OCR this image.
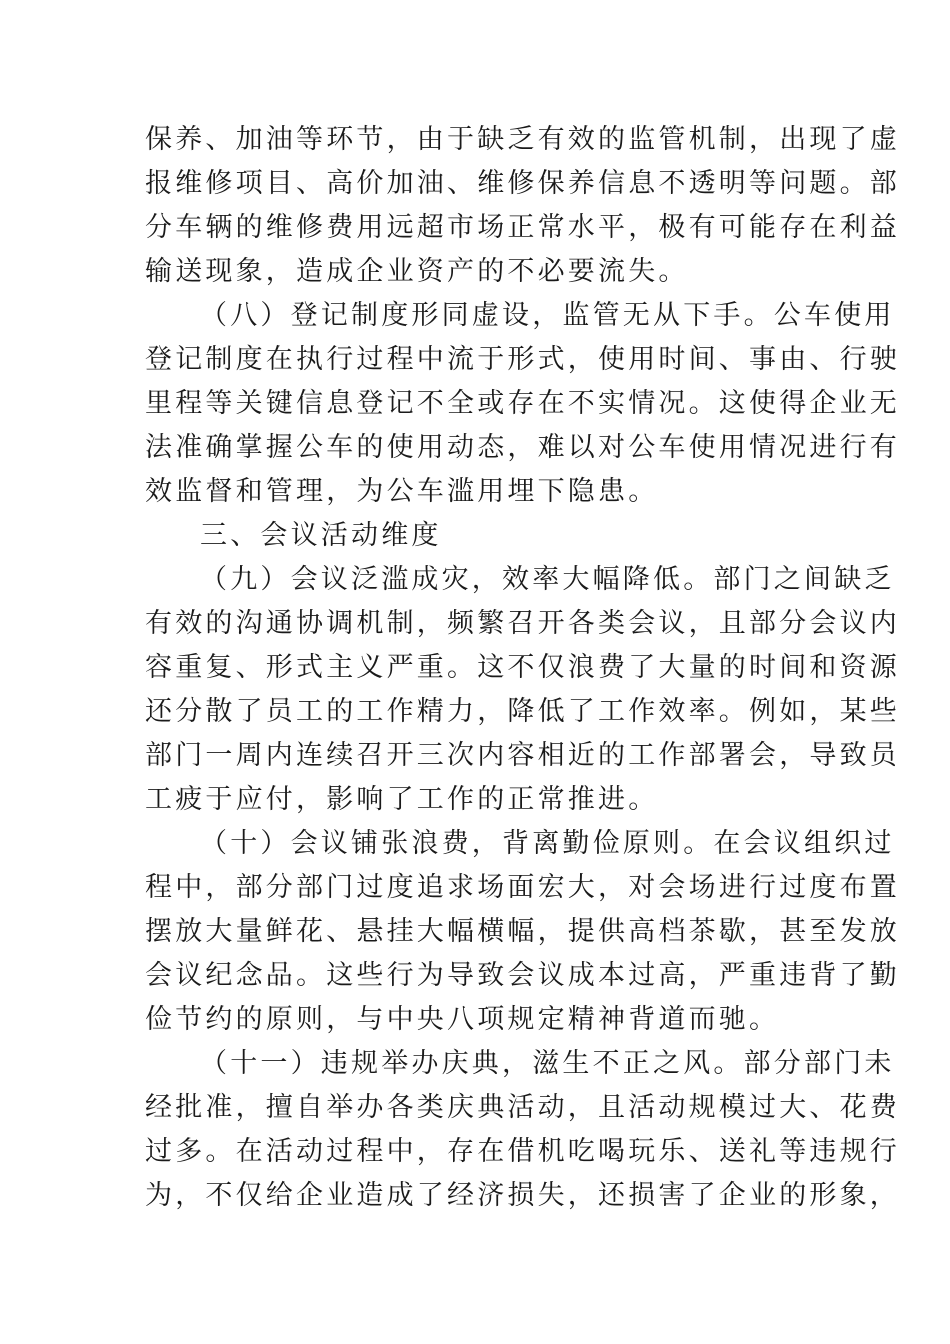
保养、加油等环节，由于缺乏有效的监管机制，出现了虚
报维修项目、高价加油、维修保养信息不透明等问题。部
分车辆的维修费用远超市场正常水平，极有可能存在利益
输送现象，造成企业资产的不必要流失。
（八）登记制度形同虚设，监管无从下手。公车使用
登记制度在执行过程中流于形式，使用时间、事由、行驶
里程等关键信息登记不全或存在不实情况。这使得企业无
法准确掌握公车的使用动态，难以对公车使用情况进行有
效监督和管理，为公车滥用埋下隐患。
三、会议活动维度
（九）会议泛滥成灾，效率大幅降低。部门之间缺乏
有效的沟通协调机制，频繁召开各类会议，且部分会议内
容重复、形式主义严重。这不仅浪费了大量的时间和资源
还分散了员工的工作精力，降低了工作效率。例如，某些
部门一周内连续召开三次内容相近的工作部署会，导致员
工疲于应付，影响了工作的正常推进。
（十）会议铺张浪费，背离勤俭原则。在会议组织过
程中，部分部门过度追求场面宏大，对会场进行过度布置
摆放大量鲜花、悬挂大幅横幅，提供高档茶歇，甚至发放
会议纪念品。这些行为导致会议成本过高，严重违背了勤
俭节约的原则，与中央八项规定精神背道而驰。
（十一）违规举办庆典，滋生不正之风。部分部门未
经批准，擅自举办各类庆典活动，且活动规模过大、花费
过多。在活动过程中，存在借机吃喝玩乐、送礼等违规行
为，不仅给企业造成了经济损失，还损害了企业的形象，
